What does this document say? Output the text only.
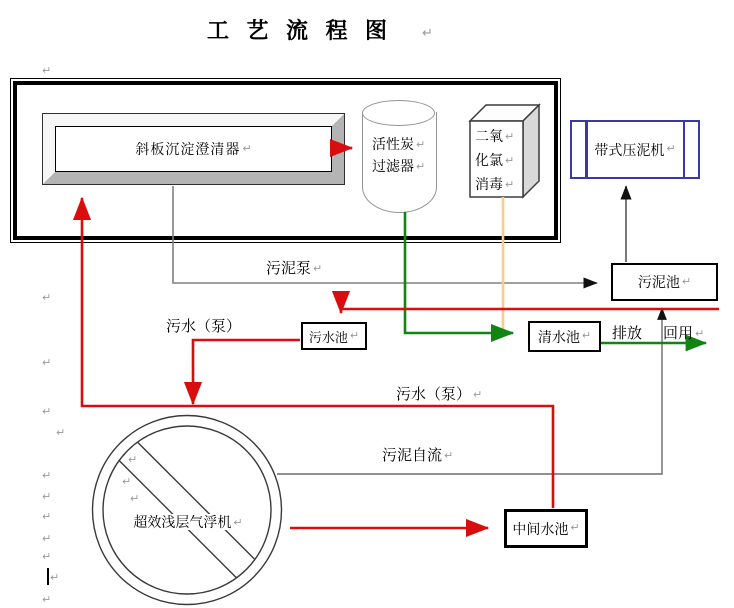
工 艺 流 程 图	↵
↵
斜板沉淀澄清器 ↵	活性炭 ↵
过滤器 ↵
二氧 ↵
化氯 ↵
消毒 ↵
带式压泥机 ↵
污泥池 ↵
污水池 ↵	清水池 ↵
中间水池 ↵
超效浅层气浮机 ↵
污泥泵 ↵
污水（泵）
污水（泵） ↵
污泥自流 ↵
排放 回用 ↵
↵
↵
↵
↵
↵
↵
↵
↵
↵
↵
↵
↵
↵
↵
